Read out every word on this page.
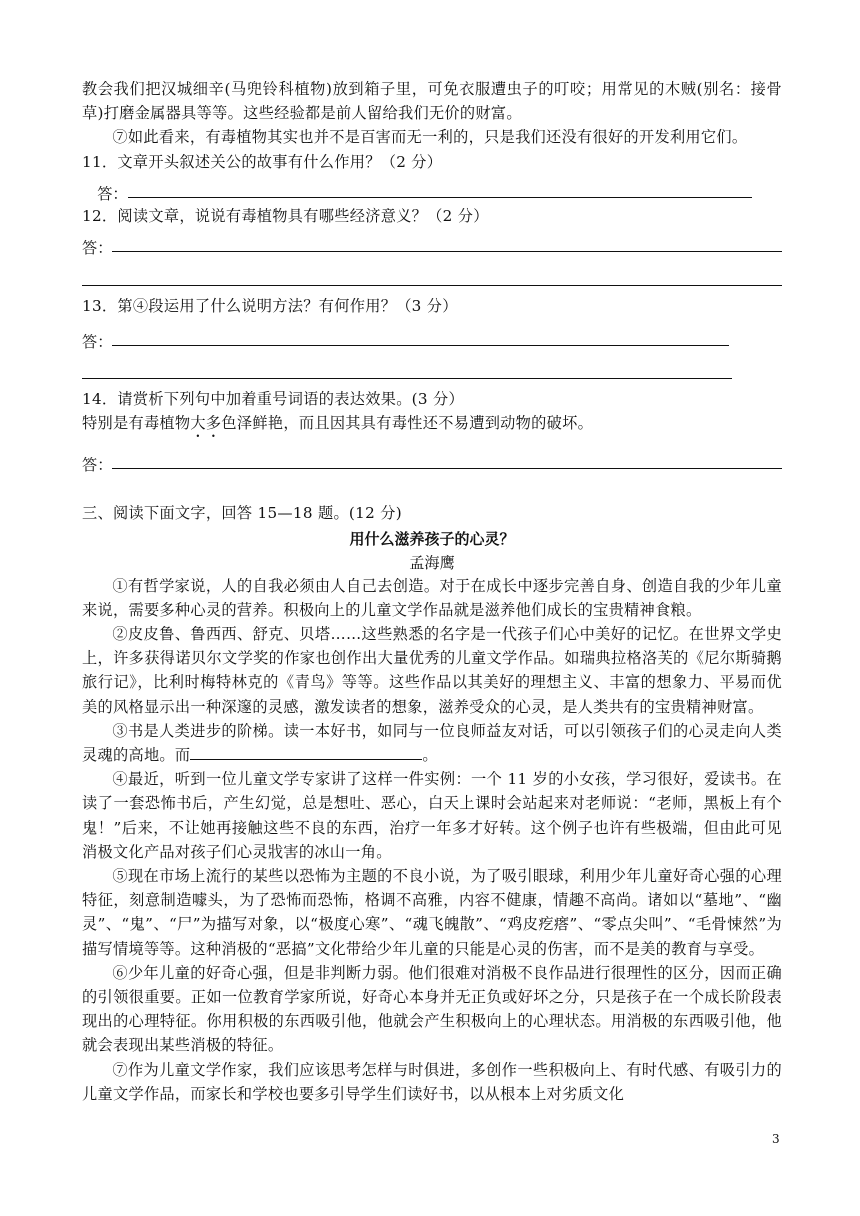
教会我们把汉城细辛(马兜铃科植物)放到箱子里，可免衣服遭虫子的叮咬；用常见的木贼(别名：接骨草)打磨金属器具等等。这些经验都是前人留给我们无价的财富。

⑦如此看来，有毒植物其实也并不是百害而无一利的，只是我们还没有很好的开发利用它们。

11．文章开头叙述关公的故事有什么作用？（2 分）

答：

12．阅读文章，说说有毒植物具有哪些经济意义？（2 分）

答：

13．第④段运用了什么说明方法？有何作用？（3 分）

答：

14．请赏析下列句中加着重号词语的表达效果。(3 分）

特别是有毒植物大多色泽鲜艳，而且因其具有毒性还不易遭到动物的破坏。

答：

三、阅读下面文字，回答 15—18 题。(12 分)

用什么滋养孩子的心灵？
孟海鹰

①有哲学家说，人的自我必须由人自己去创造。对于在成长中逐步完善自身、创造自我的少年儿童来说，需要多种心灵的营养。积极向上的儿童文学作品就是滋养他们成长的宝贵精神食粮。

②皮皮鲁、鲁西西、舒克、贝塔……这些熟悉的名字是一代孩子们心中美好的记忆。在世界文学史上，许多获得诺贝尔文学奖的作家也创作出大量优秀的儿童文学作品。如瑞典拉格洛芙的《尼尔斯骑鹅旅行记》，比利时梅特林克的《青鸟》等等。这些作品以其美好的理想主义、丰富的想象力、平易而优美的风格显示出一种深邃的灵感，激发读者的想象，滋养受众的心灵，是人类共有的宝贵精神财富。

③书是人类进步的阶梯。读一本好书，如同与一位良师益友对话，可以引领孩子们的心灵走向人类灵魂的高地。而	。

④最近，听到一位儿童文学专家讲了这样一件实例：一个 11 岁的小女孩，学习很好，爱读书。在读了一套恐怖书后，产生幻觉，总是想吐、恶心，白天上课时会站起来对老师说：“老师，黑板上有个鬼！”后来，不让她再接触这些不良的东西，治疗一年多才好转。这个例子也许有些极端，但由此可见消极文化产品对孩子们心灵戕害的冰山一角。

⑤现在市场上流行的某些以恐怖为主题的不良小说，为了吸引眼球，利用少年儿童好奇心强的心理特征，刻意制造噱头，为了恐怖而恐怖，格调不高雅，内容不健康，情趣不高尚。诸如以“墓地”、“幽灵”、“鬼”、“尸”为描写对象，以“极度心寒”、“魂飞魄散”、“鸡皮疙瘩”、“零点尖叫”、“毛骨悚然”为描写情境等等。这种消极的“恶搞”文化带给少年儿童的只能是心灵的伤害，而不是美的教育与享受。

⑥少年儿童的好奇心强，但是非判断力弱。他们很难对消极不良作品进行很理性的区分，因而正确的引领很重要。正如一位教育学家所说，好奇心本身并无正负或好坏之分，只是孩子在一个成长阶段表现出的心理特征。你用积极的东西吸引他，他就会产生积极向上的心理状态。用消极的东西吸引他，他就会表现出某些消极的特征。

⑦作为儿童文学作家，我们应该思考怎样与时俱进，多创作一些积极向上、有时代感、有吸引力的儿童文学作品，而家长和学校也要多引导学生们读好书，以从根本上对劣质文化

3
